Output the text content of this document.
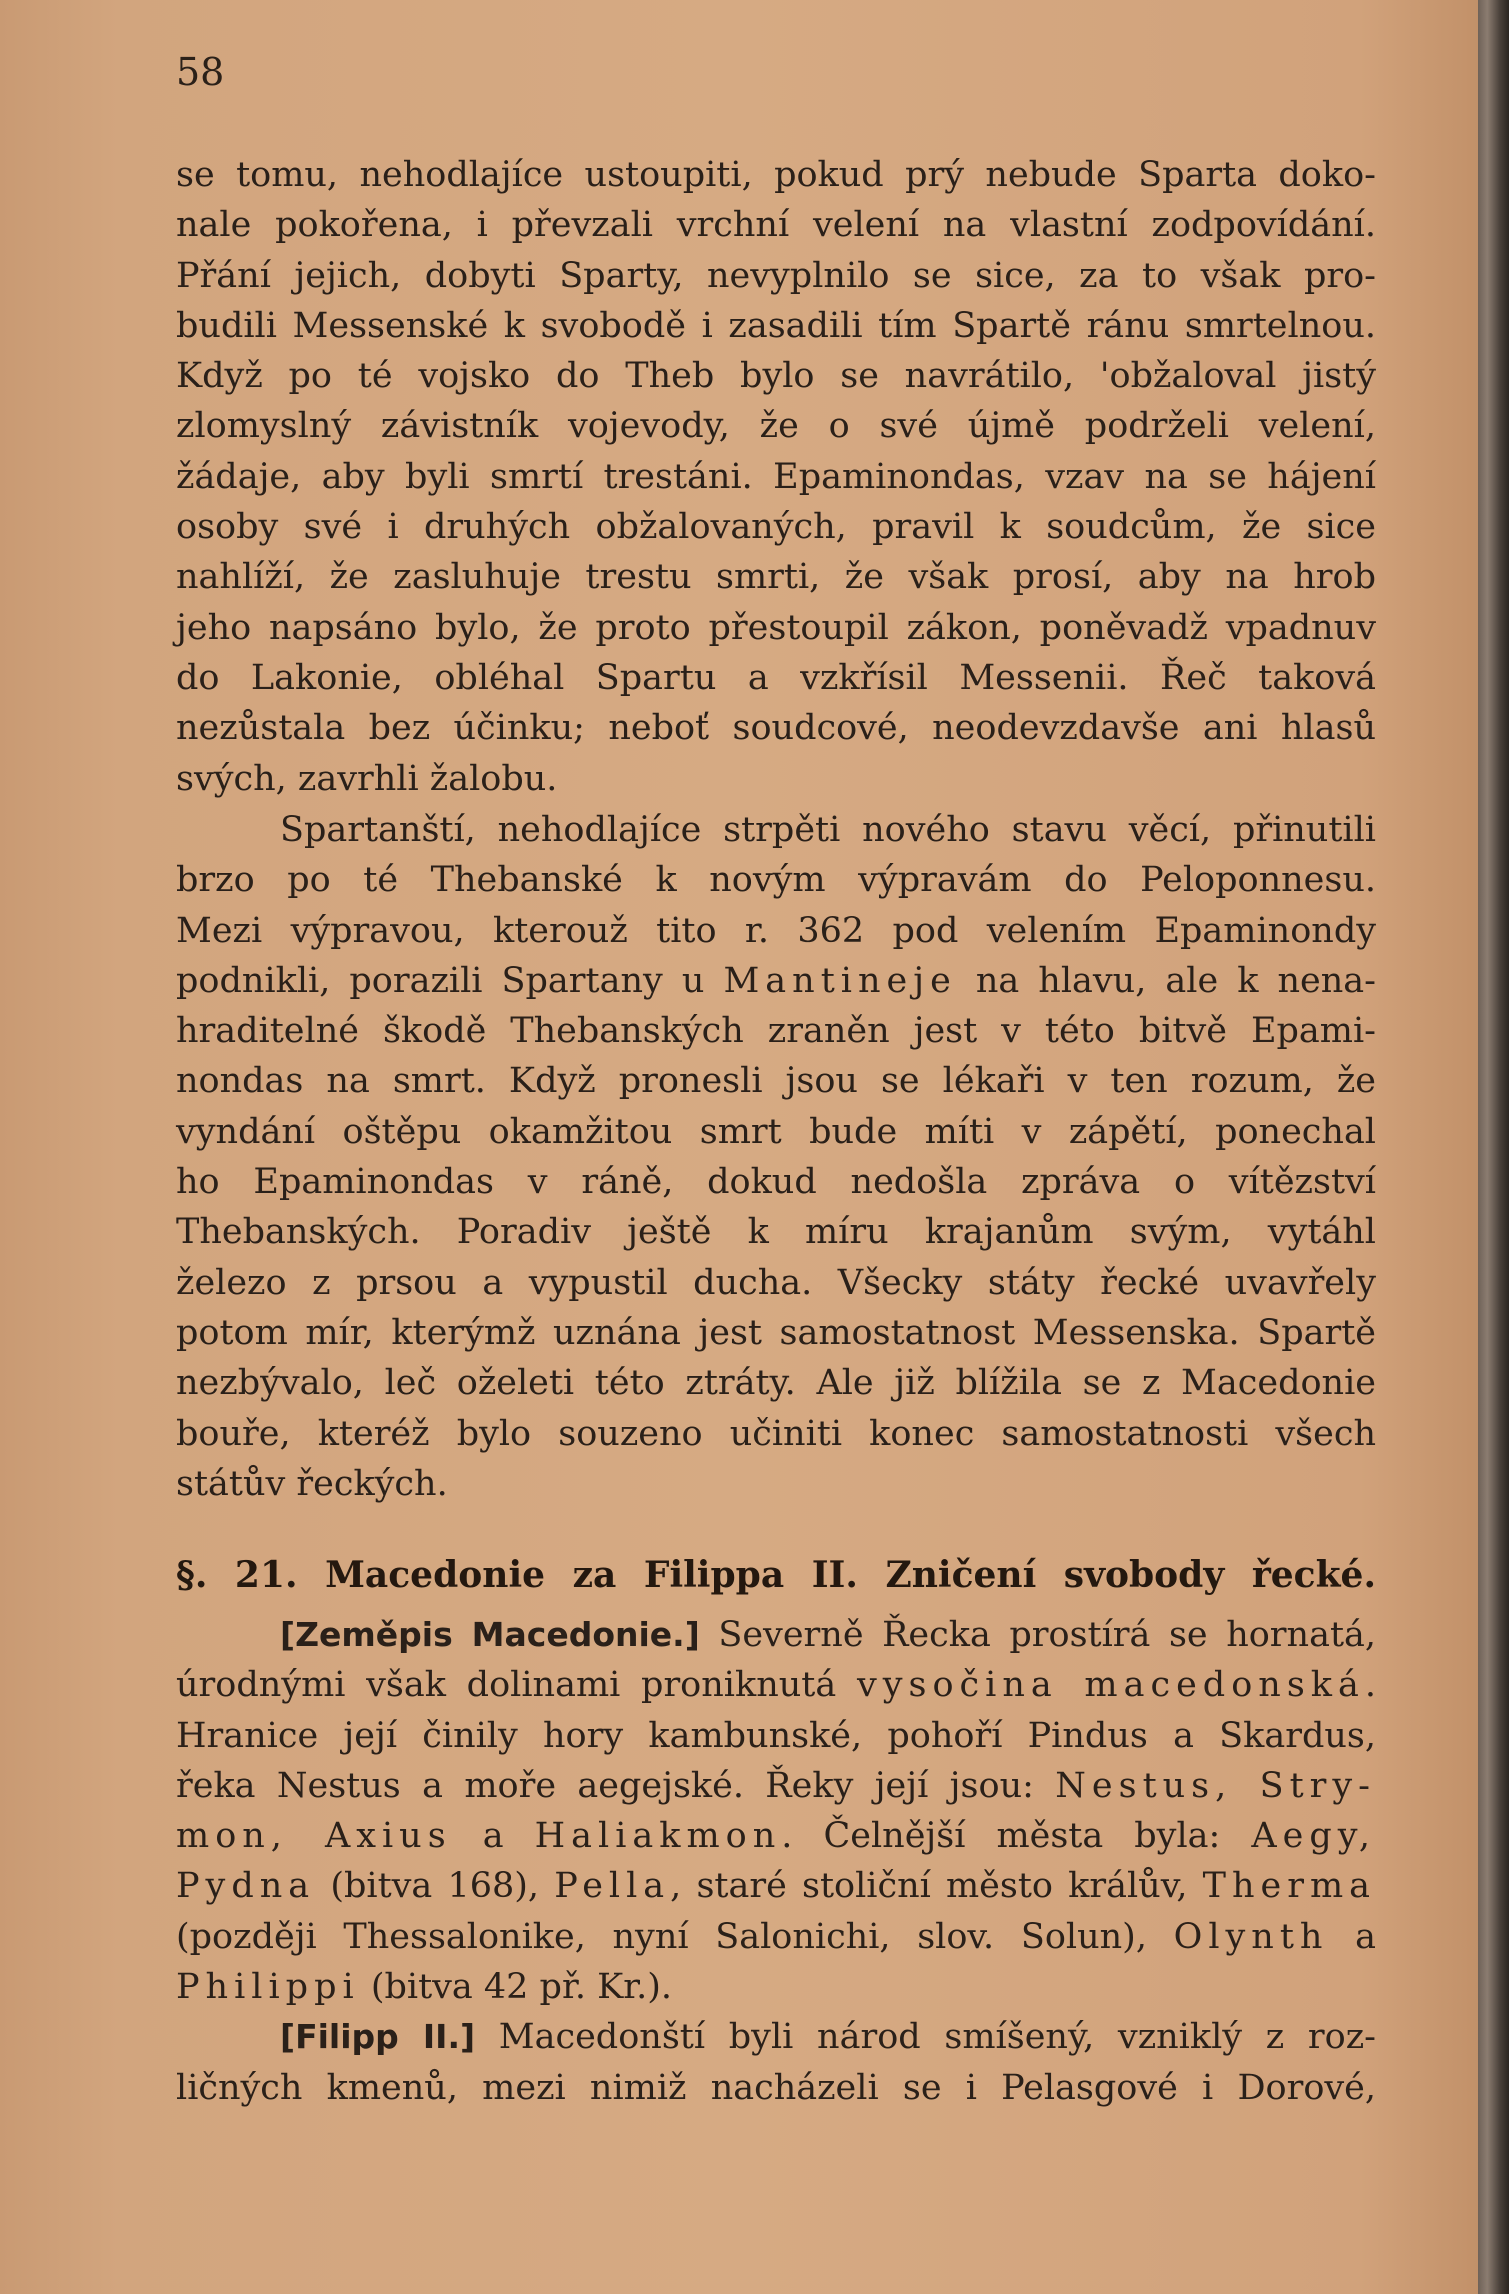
58
se tomu, nehodlajíce ustoupiti, pokud prý nebude Sparta doko-
nale pokořena, i převzali vrchní velení na vlastní zodpovídání.
Přání jejich, dobyti Sparty, nevyplnilo se sice, za to však pro-
budili Messenské k svobodě i zasadili tím Spartě ránu smrtelnou.
Když po té vojsko do Theb bylo se navrátilo, 'obžaloval jistý
zlomyslný závistník vojevody, že o své újmě podrželi velení,
žádaje, aby byli smrtí trestáni. Epaminondas, vzav na se hájení
osoby své i druhých obžalovaných, pravil k soudcům, že sice
nahlíží, že zasluhuje trestu smrti, že však prosí, aby na hrob
jeho napsáno bylo, že proto přestoupil zákon, poněvadž vpadnuv
do Lakonie, obléhal Spartu a vzkřísil Messenii. Řeč taková
nezůstala bez účinku; neboť soudcové, neodevzdavše ani hlasů
svých, zavrhli žalobu.
Spartanští, nehodlajíce strpěti nového stavu věcí, přinutili
brzo po té Thebanské k novým výpravám do Peloponnesu.
Mezi výpravou, kterouž tito r. 362 pod velením Epaminondy
podnikli, porazili Spartany u Mantineje na hlavu, ale k nena-
hraditelné škodě Thebanských zraněn jest v této bitvě Epami-
nondas na smrt. Když pronesli jsou se lékaři v ten rozum, že
vyndání oštěpu okamžitou smrt bude míti v zápětí, ponechal
ho Epaminondas v ráně, dokud nedošla zpráva o vítězství
Thebanských. Poradiv ještě k míru krajanům svým, vytáhl
železo z prsou a vypustil ducha. Všecky státy řecké uvavřely
potom mír, kterýmž uznána jest samostatnost Messenska. Spartě
nezbývalo, leč oželeti této ztráty. Ale již blížila se z Macedonie
bouře, kteréž bylo souzeno učiniti konec samostatnosti všech
státův řeckých.
§. 21. Macedonie za Filippa II. Zničení svobody řecké.
[Zeměpis Macedonie.] Severně Řecka prostírá se hornatá,
úrodnými však dolinami proniknutá vysočina macedonská.
Hranice její činily hory kambunské, pohoří Pindus a Skardus,
řeka Nestus a moře aegejské. Řeky její jsou: Nestus, Stry-
mon, Axius a Haliakmon. Čelnější města byla: Aegy,
Pydna (bitva 168), Pella, staré stoliční město králův, Therma
(později Thessalonike, nyní Salonichi, slov. Solun), Olynth a
Philippi (bitva 42 př. Kr.).
[Filipp II.] Macedonští byli národ smíšený, vzniklý z roz-
ličných kmenů, mezi nimiž nacházeli se i Pelasgové i Dorové,
